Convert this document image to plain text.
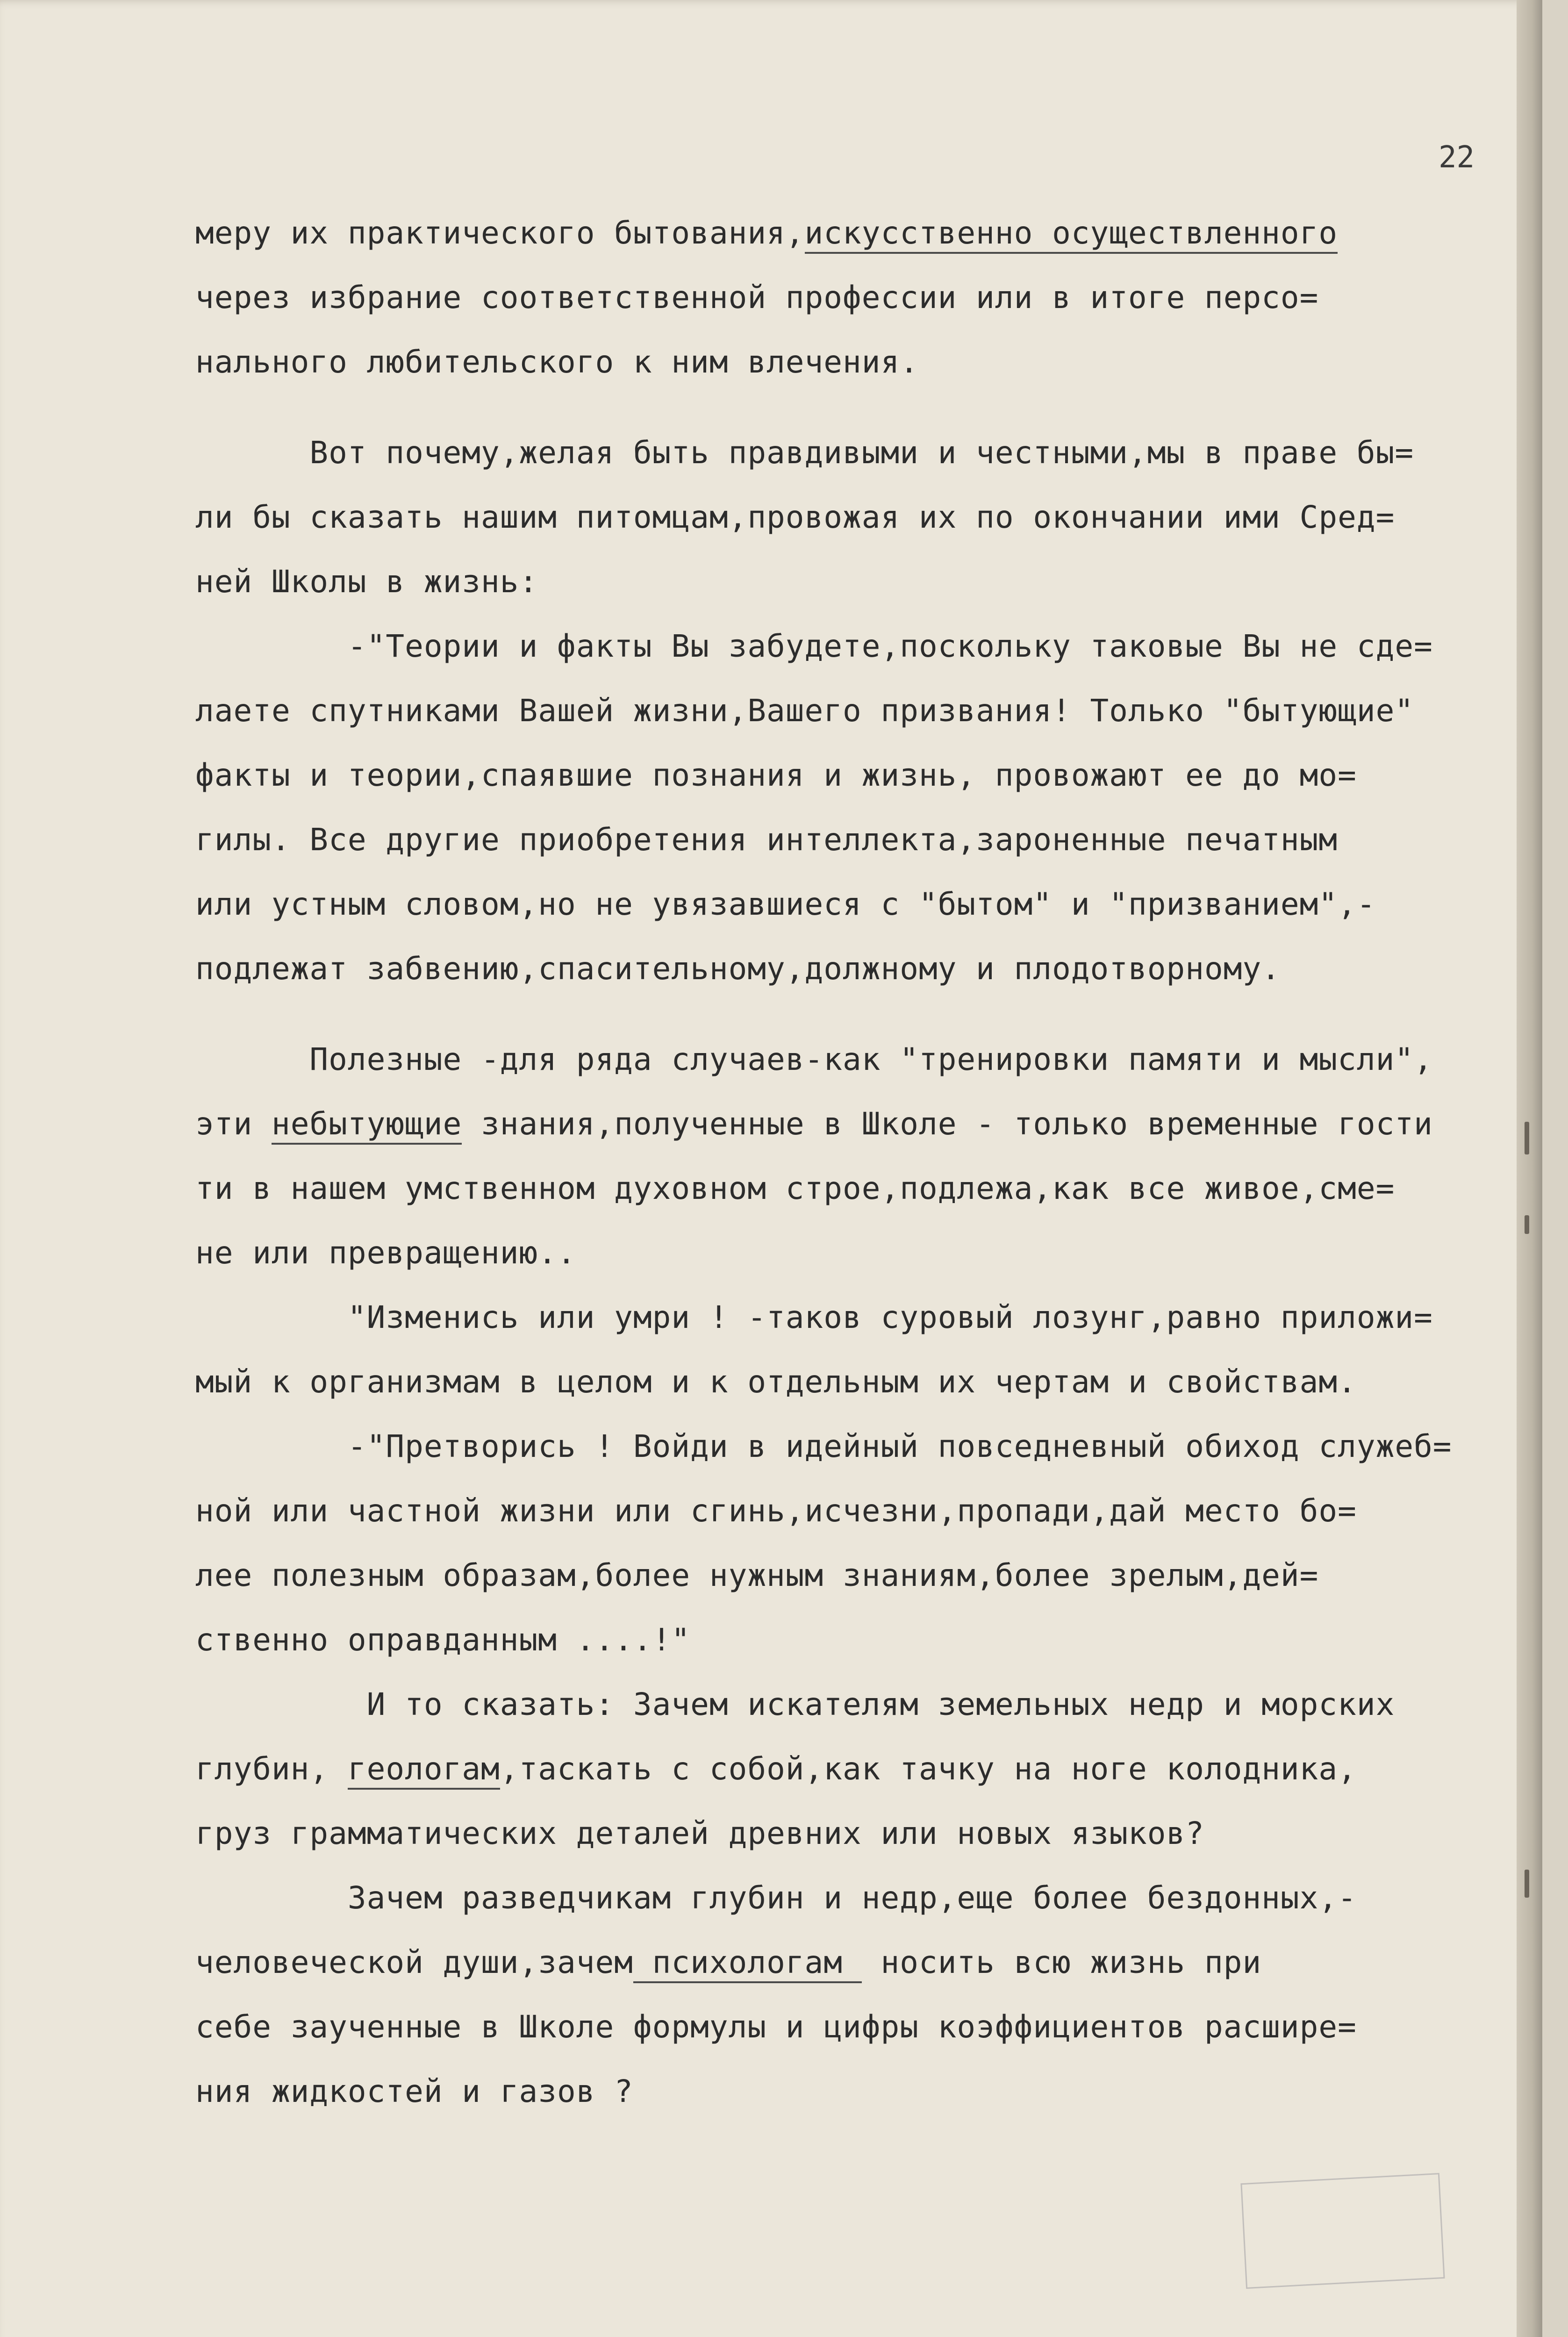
22
меру их практического бытования,искусственно осуществленного
через избрание соответственной профессии или в итоге персо=
нального любительского к ним влечения.
Вот почему,желая быть правдивыми и честными,мы в праве бы=
ли бы сказать нашим питомцам,провожая их по окончании ими Сред=
ней Школы в жизнь:
-"Теории и факты Вы забудете,поскольку таковые Вы не сде=
лаете спутниками Вашей жизни,Вашего призвания! Только "бытующие"
факты и теории,спаявшие познания и жизнь, провожают ее до мо=
гилы. Все другие приобретения интеллекта,зароненные печатным
или устным словом,но не увязавшиеся с "бытом" и "призванием",-
подлежат забвению,спасительному,должному и плодотворному.
Полезные -для ряда случаев-как "тренировки памяти и мысли",
эти небытующие знания,полученные в Школе - только временные гости
ти в нашем умственном духовном строе,подлежа,как все живое,сме=
не или превращению..
"Изменись или умри ! -таков суровый лозунг,равно приложи=
мый к организмам в целом и к отдельным их чертам и свойствам.
-"Претворись ! Войди в идейный повседневный обиход служеб=
ной или частной жизни или сгинь,исчезни,пропади,дай место бо=
лее полезным образам,более нужным знаниям,более зрелым,дей=
ственно оправданным ....!"
И то сказать: Зачем искателям земельных недр и морских
глубин, геологам,таскать с собой,как тачку на ноге колодника,
груз грамматических деталей древних или новых языков?
Зачем разведчикам глубин и недр,еще более бездонных,-
человеческой души,зачем психологам  носить всю жизнь при
себе заученные в Школе формулы и цифры коэффициентов расшире=
ния жидкостей и газов ?
